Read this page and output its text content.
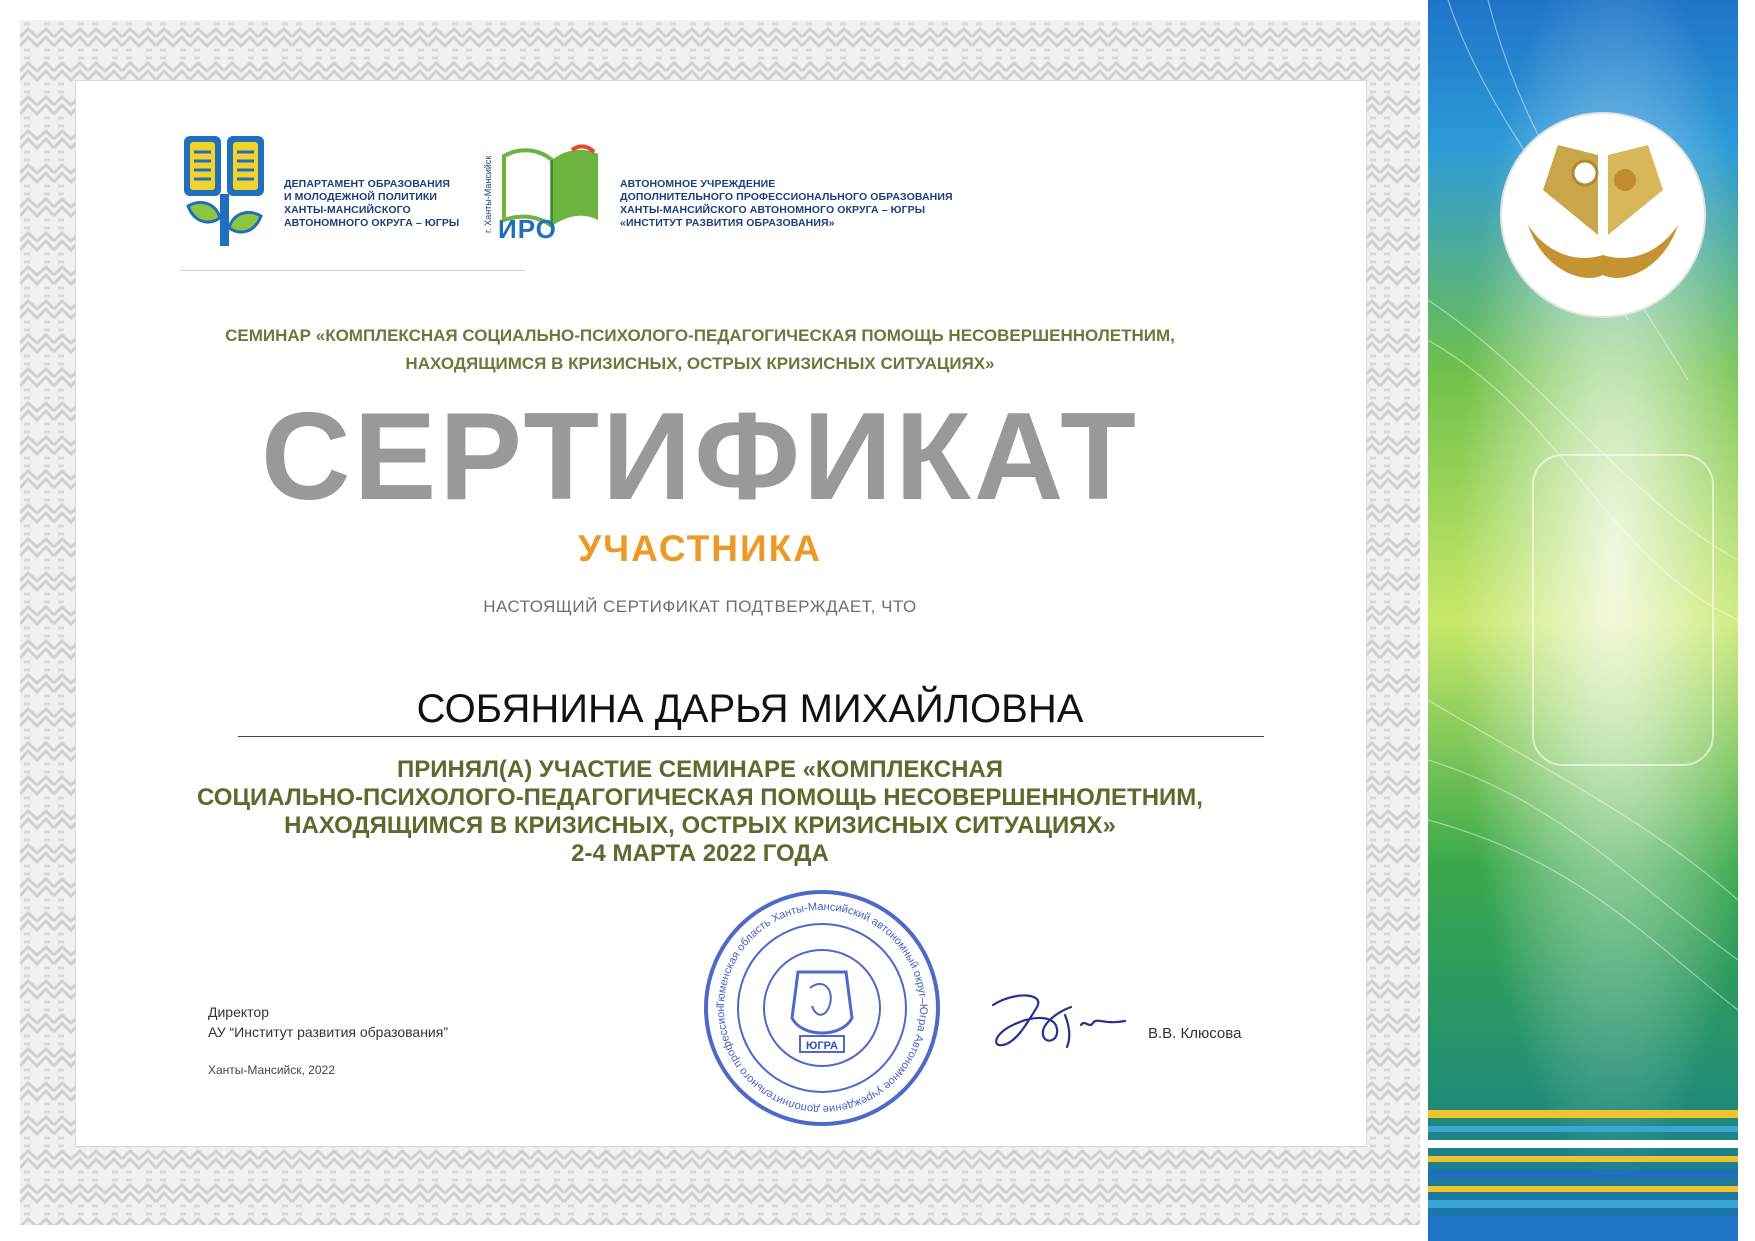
ДЕПАРТАМЕНТ ОБРАЗОВАНИЯ
И МОЛОДЕЖНОЙ ПОЛИТИКИ
ХАНТЫ-МАНСИЙСКОГО
АВТОНОМНОГО ОКРУГА – ЮГРЫ	г. Ханты-Мансийск ИРО
АВТОНОМНОЕ УЧРЕЖДЕНИЕ
ДОПОЛНИТЕЛЬНОГО ПРОФЕССИОНАЛЬНОГО ОБРАЗОВАНИЯ
ХАНТЫ-МАНСИЙСКОГО АВТОНОМНОГО ОКРУГА – ЮГРЫ
«ИНСТИТУТ РАЗВИТИЯ ОБРАЗОВАНИЯ»
СЕМИНАР «КОМПЛЕКСНАЯ СОЦИАЛЬНО-ПСИХОЛОГО-ПЕДАГОГИЧЕСКАЯ ПОМОЩЬ НЕСОВЕРШЕННОЛЕТНИМ,
НАХОДЯЩИМСЯ В КРИЗИСНЫХ, ОСТРЫХ КРИЗИСНЫХ СИТУАЦИЯХ»
СЕРТИФИКАТ
УЧАСТНИКА
НАСТОЯЩИЙ СЕРТИФИКАТ ПОДТВЕРЖДАЕТ, ЧТО
СОБЯНИНА ДАРЬЯ МИХАЙЛОВНА
ПРИНЯЛ(А) УЧАСТИЕ СЕМИНАРЕ «КОМПЛЕКСНАЯ
СОЦИАЛЬНО-ПСИХОЛОГО-ПЕДАГОГИЧЕСКАЯ ПОМОЩЬ НЕСОВЕРШЕННОЛЕТНИМ,
НАХОДЯЩИМСЯ В КРИЗИСНЫХ, ОСТРЫХ КРИЗИСНЫХ СИТУАЦИЯХ»
2-4 МАРТА 2022 ГОДА
Директор
АУ “Институт развития образования”
Ханты-Мансийск, 2022
Тюменская область Ханты-Мансийский автономный округ–Югра Автономное учреждение дополнительного профессион
ЮГРА
В.В. Клюсова
